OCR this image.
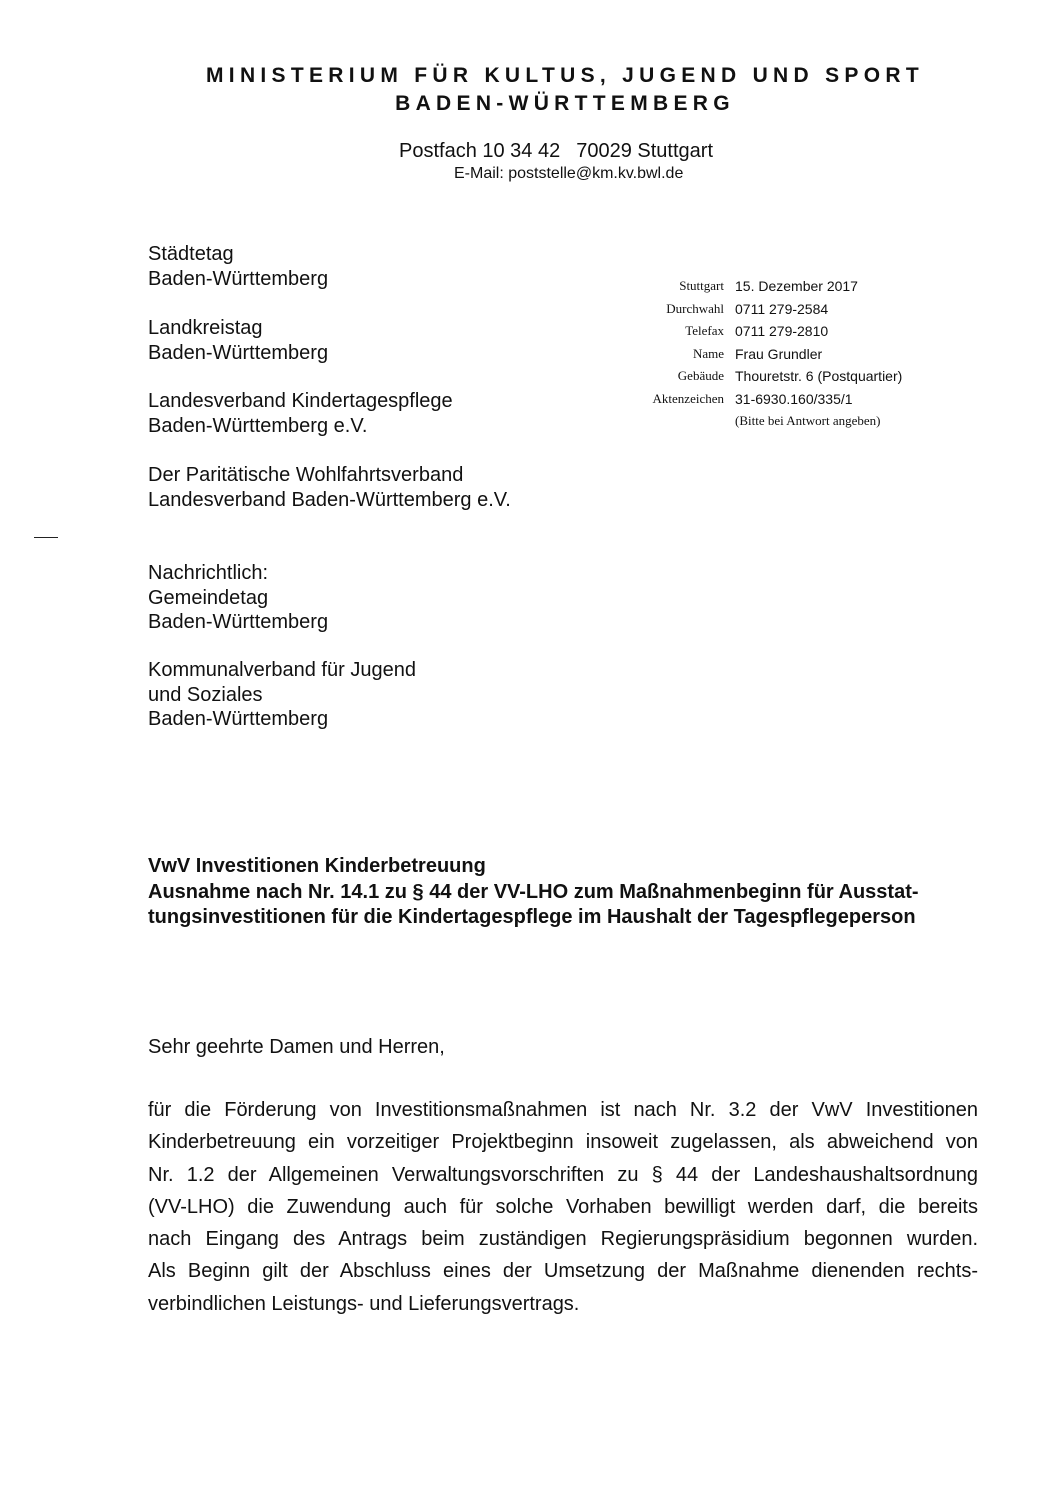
MINISTERIUM FÜR KULTUS, JUGEND UND SPORT
BADEN-WÜRTTEMBERG
Postfach 10 34 42 70029 Stuttgart
E-Mail: poststelle@km.kv.bwl.de
Städtetag
Baden-Württemberg
Landkreistag
Baden-Württemberg
Landesverband Kindertagespflege
Baden-Württemberg e.V.
Der Paritätische Wohlfahrtsverband
Landesverband Baden-Württemberg e.V.
Nachrichtlich:
Gemeindetag
Baden-Württemberg
Kommunalverband für Jugend
und Soziales
Baden-Württemberg
Stuttgart 15. Dezember 2017
Durchwahl 0711 279-2584
Telefax 0711 279-2810
Name Frau Grundler
Gebäude Thouretstr. 6 (Postquartier)
Aktenzeichen 31-6930.160/335/1
(Bitte bei Antwort angeben)
VwV Investitionen Kinderbetreuung
Ausnahme nach Nr. 14.1 zu § 44 der VV-LHO zum Maßnahmenbeginn für Ausstat-
tungsinvestitionen für die Kindertagespflege im Haushalt der Tagespflegeperson
Sehr geehrte Damen und Herren,
für die Förderung von Investitionsmaßnahmen ist nach Nr. 3.2 der VwV Investitionen
Kinderbetreuung ein vorzeitiger Projektbeginn insoweit zugelassen, als abweichend von
Nr. 1.2 der Allgemeinen Verwaltungsvorschriften zu § 44 der Landeshaushaltsordnung
(VV-LHO) die Zuwendung auch für solche Vorhaben bewilligt werden darf, die bereits
nach Eingang des Antrags beim zuständigen Regierungspräsidium begonnen wurden.
Als Beginn gilt der Abschluss eines der Umsetzung der Maßnahme dienenden rechts-
verbindlichen Leistungs- und Lieferungsvertrags.
